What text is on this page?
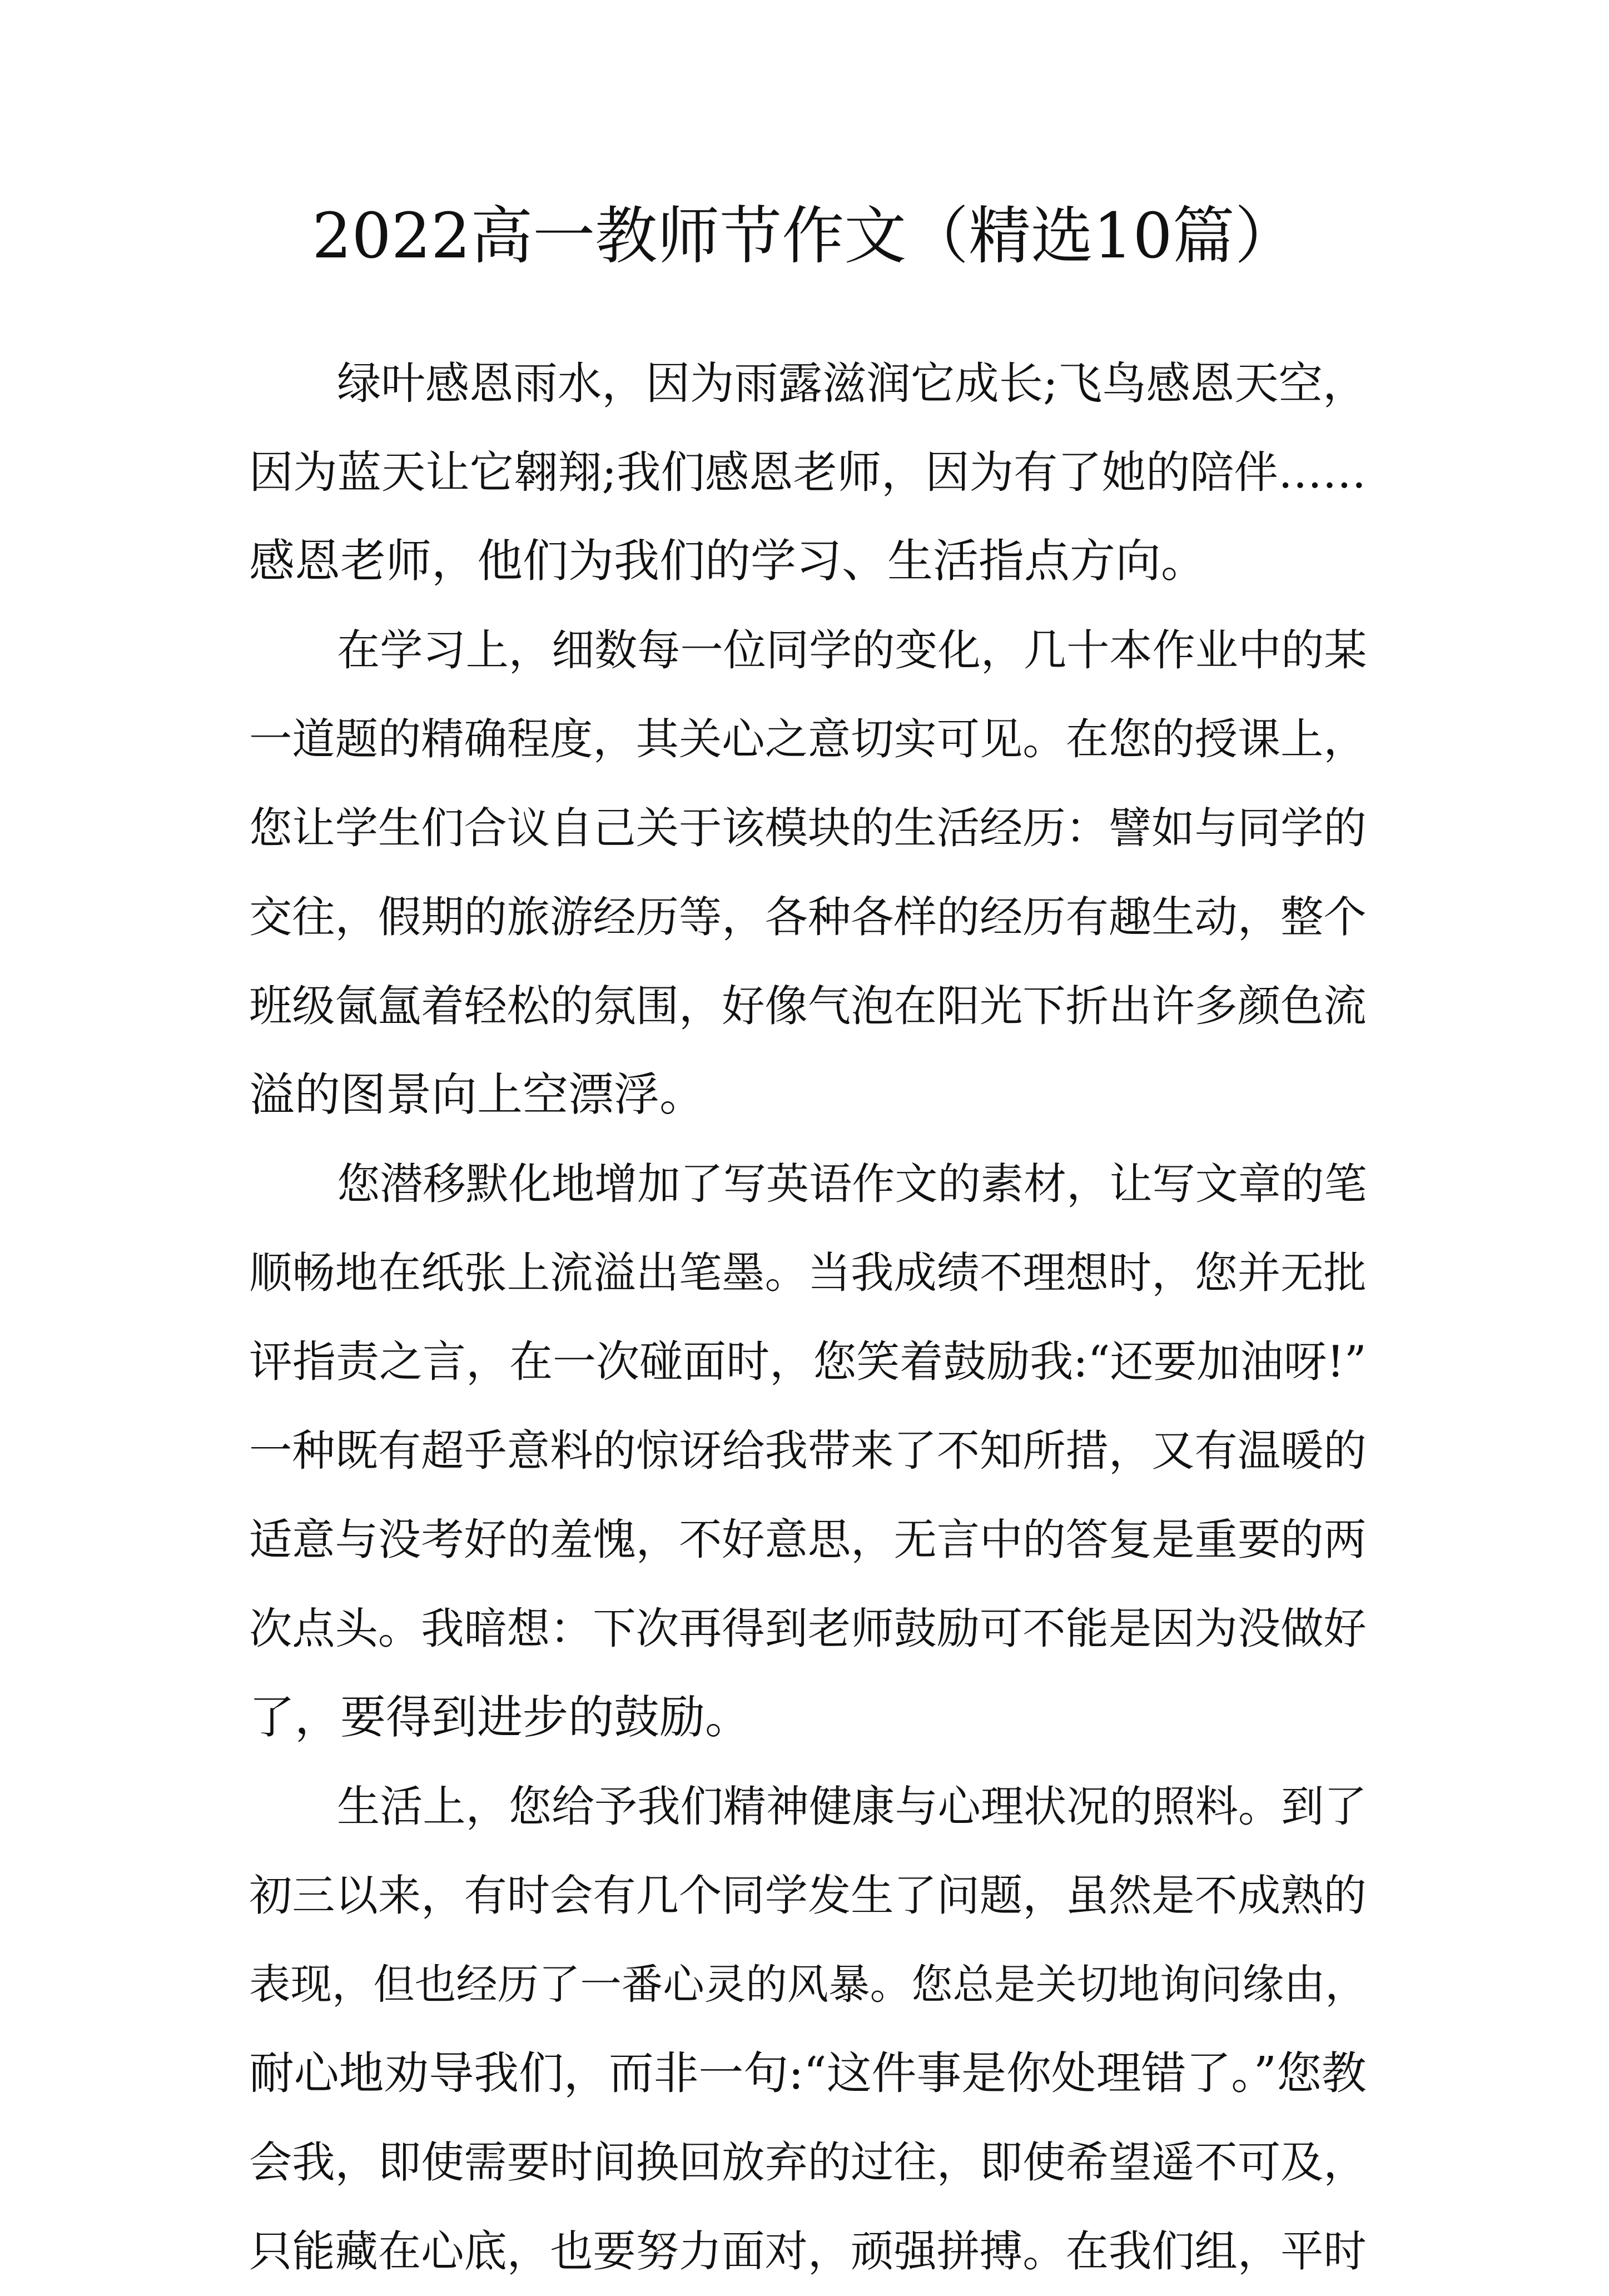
2022高一教师节作文（精选10篇）
绿叶感恩雨水，因为雨露滋润它成长;飞鸟感恩天空，
因为蓝天让它翱翔;我们感恩老师，因为有了她的陪伴……
感恩老师，他们为我们的学习、生活指点方向。
在学习上，细数每一位同学的变化，几十本作业中的某
一道题的精确程度，其关心之意切实可见。在您的授课上，
您让学生们合议自己关于该模块的生活经历：譬如与同学的
交往，假期的旅游经历等，各种各样的经历有趣生动，整个
班级氤氲着轻松的氛围，好像气泡在阳光下折出许多颜色流
溢的图景向上空漂浮。
您潜移默化地增加了写英语作文的素材，让写文章的笔
顺畅地在纸张上流溢出笔墨。当我成绩不理想时，您并无批
评指责之言，在一次碰面时，您笑着鼓励我:“还要加油呀!”
一种既有超乎意料的惊讶给我带来了不知所措，又有温暖的
适意与没考好的羞愧，不好意思，无言中的答复是重要的两
次点头。我暗想：下次再得到老师鼓励可不能是因为没做好
了，要得到进步的鼓励。
生活上，您给予我们精神健康与心理状况的照料。到了
初三以来，有时会有几个同学发生了问题，虽然是不成熟的
表现，但也经历了一番心灵的风暴。您总是关切地询问缘由，
耐心地劝导我们，而非一句:“这件事是你处理错了。”您教
会我，即使需要时间换回放弃的过往，即使希望遥不可及，
只能藏在心底，也要努力面对，顽强拼搏。在我们组，平时
